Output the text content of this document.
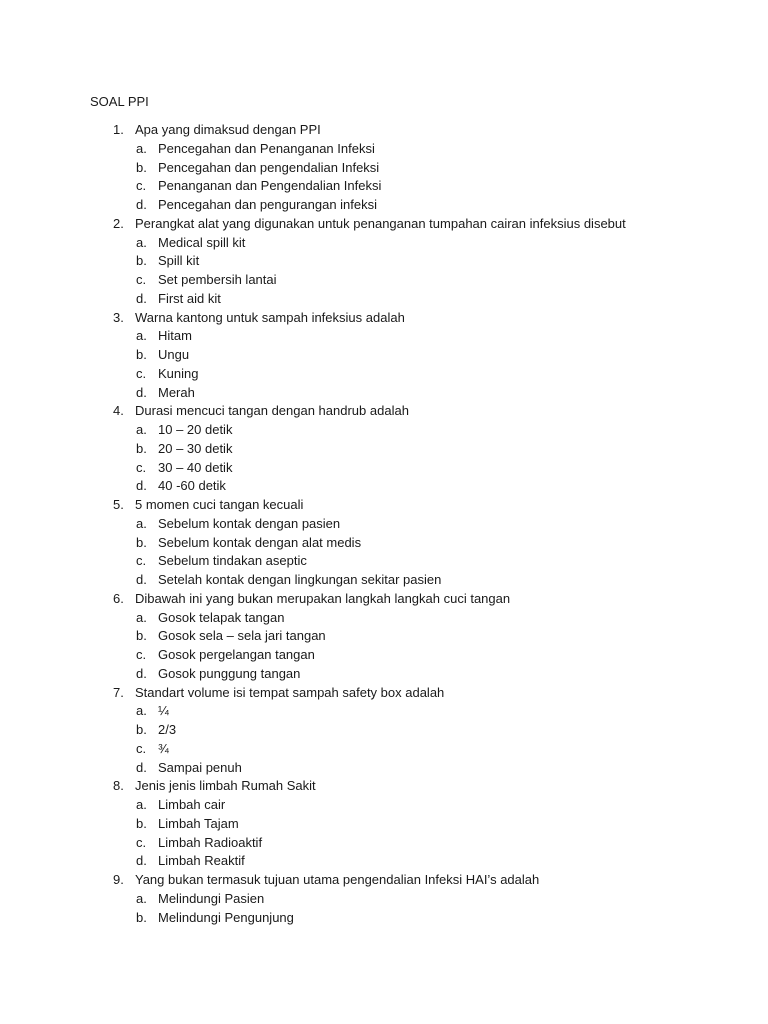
SOAL PPI
1. Apa yang dimaksud dengan PPI
a. Pencegahan dan Penanganan Infeksi
b. Pencegahan dan pengendalian Infeksi
c. Penanganan dan Pengendalian Infeksi
d. Pencegahan dan pengurangan infeksi
2. Perangkat alat yang digunakan untuk penanganan tumpahan cairan infeksius disebut
a. Medical spill kit
b. Spill kit
c. Set pembersih lantai
d. First aid kit
3. Warna kantong untuk sampah infeksius adalah
a. Hitam
b. Ungu
c. Kuning
d. Merah
4. Durasi mencuci tangan dengan handrub adalah
a. 10 – 20 detik
b. 20 – 30 detik
c. 30 – 40 detik
d. 40 -60 detik
5. 5 momen cuci tangan kecuali
a. Sebelum kontak dengan pasien
b. Sebelum kontak dengan alat medis
c. Sebelum tindakan aseptic
d. Setelah kontak dengan lingkungan sekitar pasien
6. Dibawah ini yang bukan merupakan langkah langkah cuci tangan
a. Gosok telapak tangan
b. Gosok sela – sela jari tangan
c. Gosok pergelangan tangan
d. Gosok punggung tangan
7. Standart volume isi tempat sampah safety box adalah
a. ¼
b. 2/3
c. ¾
d. Sampai penuh
8. Jenis jenis limbah Rumah Sakit
a. Limbah cair
b. Limbah Tajam
c. Limbah Radioaktif
d. Limbah Reaktif
9. Yang bukan termasuk tujuan utama pengendalian Infeksi HAI’s adalah
a. Melindungi Pasien
b. Melindungi Pengunjung
